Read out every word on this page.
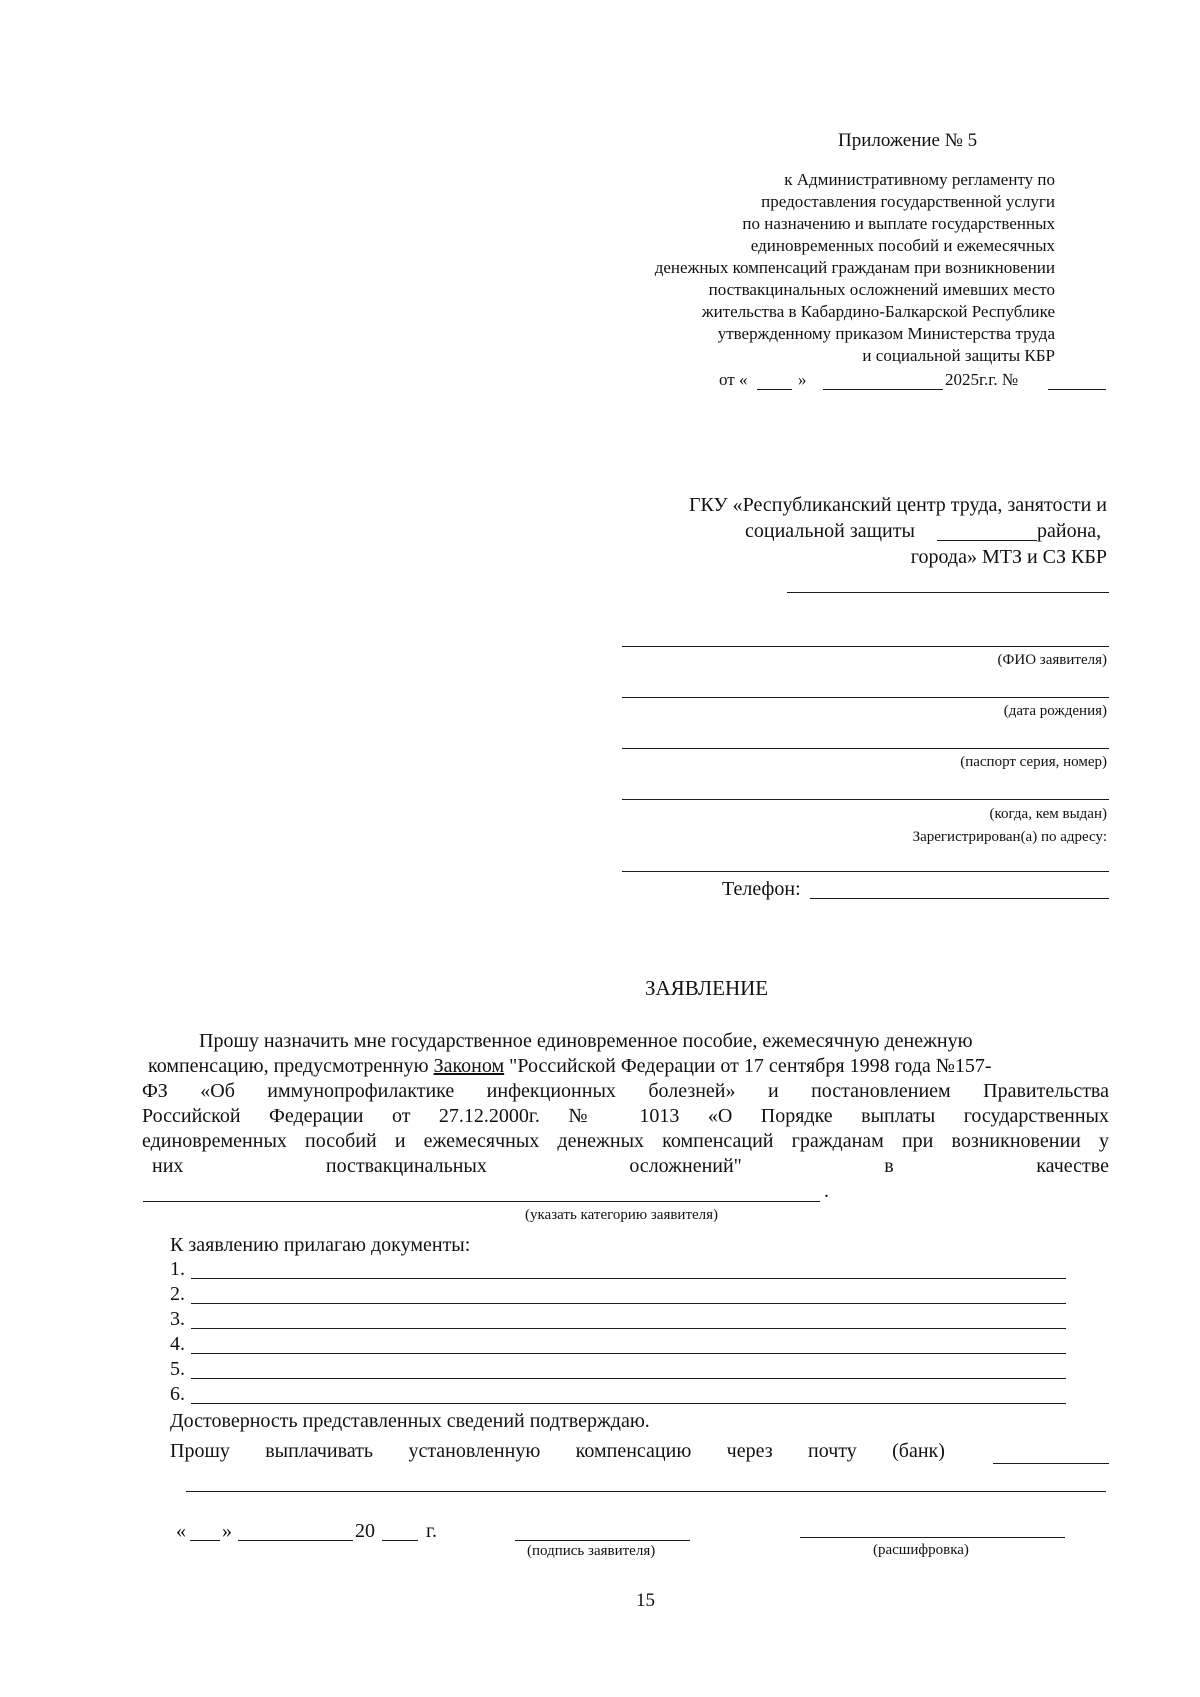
Приложение № 5
к Административному регламенту по
предоставления государственной услуги
по назначению и выплате государственных
единовременных пособий и ежемесячных
денежных компенсаций гражданам при возникновении
поствакцинальных осложнений имевших место
жительства в Кабардино-Балкарской Республике
утвержденному приказом Министерства труда
и социальной защиты КБР
от «	»	2025г.г. №
ГКУ «Республиканский центр труда, занятости и
социальной защиты	района,
города» МТЗ и СЗ КБР
(ФИО заявителя)
(дата рождения)
(паспорт серия, номер)
(когда, кем выдан)
Зарегистрирован(а) по адресу:
Телефон:
ЗАЯВЛЕНИЕ
Прошу назначить мне государственное единовременное пособие, ежемесячную денежную
компенсацию, предусмотренную Законом "Российской Федерации от 17 сентября 1998 года №157-
ФЗ «Об иммунопрофилактике инфекционных болезней» и постановлением Правительства
Российской Федерации от 27.12.2000г. № 1013 «О Порядке выплаты государственных
единовременных пособий и ежемесячных денежных компенсаций гражданам при возникновении у
них	поствакцинальных	осложнений"	в	качестве
.
(указать категорию заявителя)
К заявлению прилагаю документы:
1.
2.
3.
4.
5.
6.
Достоверность представленных сведений подтверждаю.
Прошу выплачивать установленную компенсацию через почту (банк)
« »	20	г.
(подпись заявителя)	(расшифровка)
15
